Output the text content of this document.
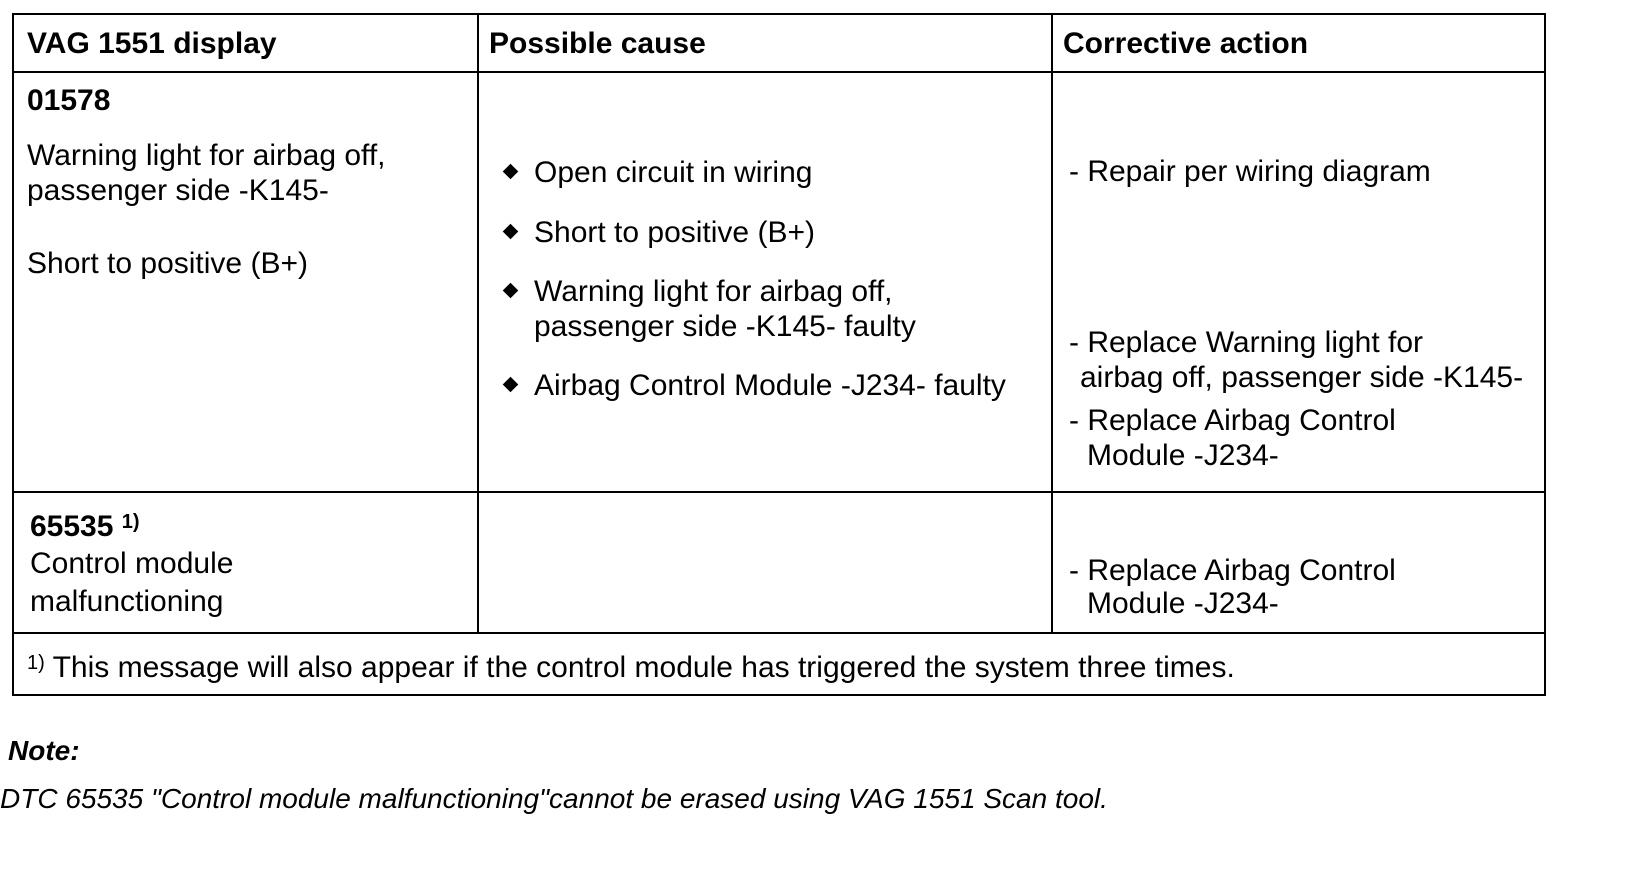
VAG 1551 display	Possible cause	Corrective action
01578
Warning light for airbag off,
passenger side -K145-
Short to positive (B+)
Open circuit in wiring
Short to positive (B+)
Warning light for airbag off,
passenger side -K145- faulty
Airbag Control Module -J234- faulty
- Repair per wiring diagram
- Replace Warning light for
airbag off, passenger side -K145-
- Replace Airbag Control
Module -J234-
65535 $^{1)}$
Control module
malfunctioning
- Replace Airbag Control
Module -J234-
$^{1)}$ This message will also appear if the control module has triggered the system three times.
Note:
DTC 65535 "Control module malfunctioning"cannot be erased using VAG 1551 Scan tool.
